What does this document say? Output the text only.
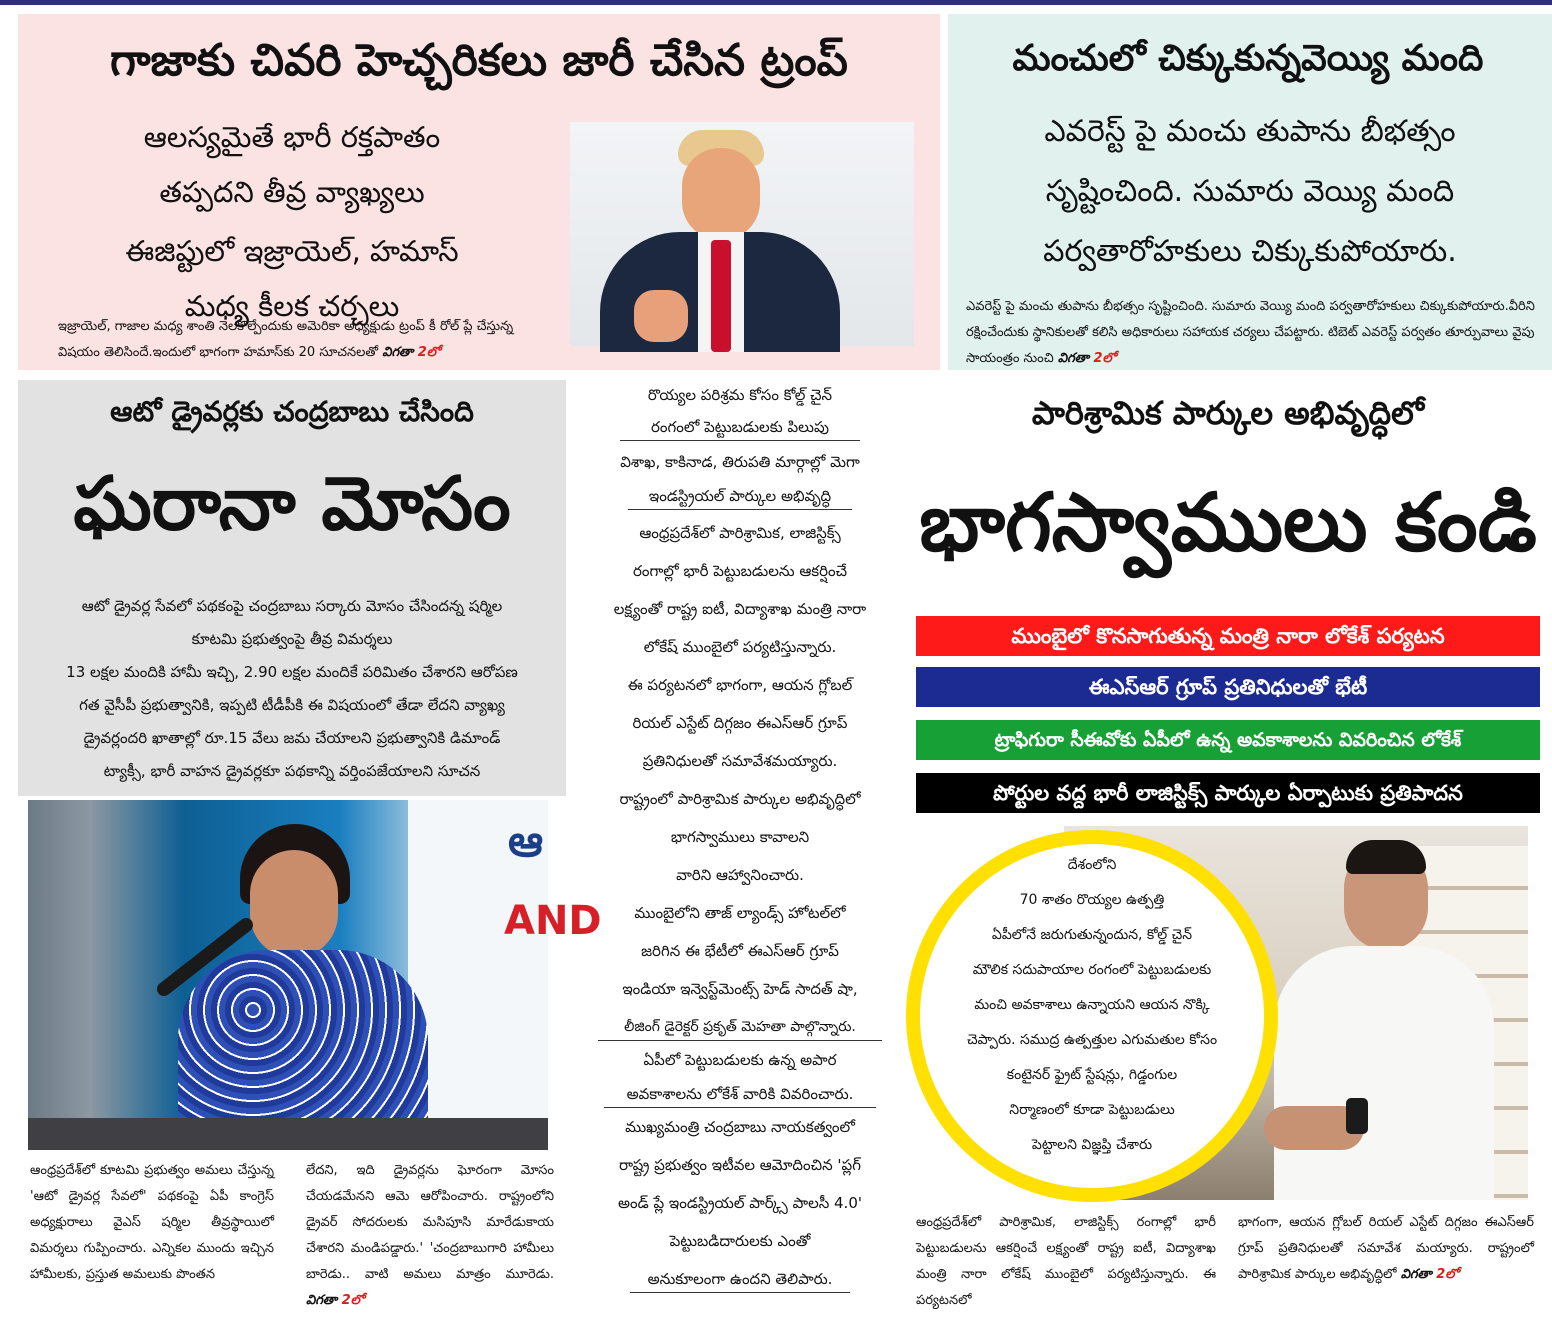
గాజాకు చివరి హెచ్చరికలు జారీ చేసిన ట్రంప్
ఆలస్యమైతే భారీ రక్తపాతం
తప్పదని తీవ్ర వ్యాఖ్యలు
ఈజిప్టులో ఇజ్రాయెల్, హమాస్
మధ్య కీలక చర్చలు
ఇజ్రాయెల్, గాజాల మధ్య శాంతి నెలకొల్పేందుకు అమెరికా అధ్యక్షుడు ట్రంప్ కీ రోల్ ప్లే చేస్తున్న విషయం తెలిసిందే.ఇందులో భాగంగా హమాస్‌కు 20 సూచనలతో విగతా 2లో
మంచులో చిక్కుకున్నవెయ్యి మంది
ఎవరెస్ట్ పై మంచు తుపాను బీభత్సం
సృష్టించింది. సుమారు వెయ్యి మంది
పర్వతారోహకులు చిక్కుకుపోయారు.
ఎవరెస్ట్ పై మంచు తుపాను బీభత్సం సృష్టించింది. సుమారు వెయ్యి మంది పర్వతారోహకులు చిక్కుకుపోయారు.వీరిని రక్షించేందుకు స్థానికులతో కలిసి అధికారులు సహాయక చర్యలు చేపట్టారు. టిబెట్ ఎవరెస్ట్ పర్వతం తూర్పువాలు వైపు సాయంత్రం నుంచి విగతా 2లో
ఆటో డ్రైవర్లకు చంద్రబాబు చేసింది
ఘరానా మోసం
ఆటో డ్రైవర్ల సేవలో పథకంపై చంద్రబాబు సర్కారు మోసం చేసిందన్న షర్మిల
కూటమి ప్రభుత్వంపై తీవ్ర విమర్శలు
13 లక్షల మందికి హామీ ఇచ్చి, 2.90 లక్షల మందికే పరిమితం చేశారని ఆరోపణ
గత వైసీపీ ప్రభుత్వానికి, ఇప్పటి టీడీపీకి ఈ విషయంలో తేడా లేదని వ్యాఖ్య
డ్రైవర్లందరి ఖాతాల్లో రూ.15 వేలు జమ చేయాలని ప్రభుత్వానికి డిమాండ్
ట్యాక్సీ, భారీ వాహన డ్రైవర్లకూ పథకాన్ని వర్తింపజేయాలని సూచన
ఆ
AND
ఆంధ్రప్రదేశ్‌లో కూటమి ప్రభుత్వం అమలు చేస్తున్న 'ఆటో డ్రైవర్ల సేవలో' పథకంపై ఏపీ కాంగ్రెస్ అధ్యక్షురాలు వైఎస్ షర్మిల తీవ్రస్థాయిలో విమర్శలు గుప్పించారు. ఎన్నికల ముందు ఇచ్చిన హామీలకు, ప్రస్తుత అమలుకు పొంతన
లేదని, ఇది డ్రైవర్లను ఘోరంగా మోసం చేయడమేనని ఆమె ఆరోపించారు. రాష్ట్రంలోని డ్రైవర్ సోదరులకు మసిపూసి మారేడుకాయ చేశారని మండిపడ్డారు.' 'చంద్రబాబుగారి హామీలు బారెడు.. వాటి అమలు మాత్రం మూరెడు. విగతా 2లో
రొయ్యల పరిశ్రమ కోసం కోల్డ్ చైన్
రంగంలో పెట్టుబడులకు పిలుపు
విశాఖ, కాకినాడ, తిరుపతి మార్గాల్లో మెగా
ఇండస్ట్రియల్ పార్కుల అభివృద్ధి
ఆంధ్రప్రదేశ్‌లో పారిశ్రామిక, లాజిస్టిక్స్
రంగాల్లో భారీ పెట్టుబడులను ఆకర్షించే
లక్ష్యంతో రాష్ట్ర ఐటీ, విద్యాశాఖ మంత్రి నారా
లోకేష్ ముంబైలో పర్యటిస్తున్నారు.
ఈ పర్యటనలో భాగంగా, ఆయన గ్లోబల్
రియల్ ఎస్టేట్ దిగ్గజం ఈఎస్ఆర్ గ్రూప్
ప్రతినిధులతో సమావేశమయ్యారు.
రాష్ట్రంలో పారిశ్రామిక పార్కుల అభివృద్ధిలో
భాగస్వాములు కావాలని
వారిని ఆహ్వానించారు.
ముంబైలోని తాజ్ ల్యాండ్స్ హోటల్‌లో
జరిగిన ఈ భేటీలో ఈఎస్ఆర్ గ్రూప్
ఇండియా ఇన్వెస్ట్‌మెంట్స్ హెడ్ సాదత్ షా,
లీజింగ్ డైరెక్టర్ ప్రకృత్ మెహతా పాల్గొన్నారు.
ఏపీలో పెట్టుబడులకు ఉన్న అపార
అవకాశాలను లోకేశ్ వారికి వివరించారు.
ముఖ్యమంత్రి చంద్రబాబు నాయకత్వంలో
రాష్ట్ర ప్రభుత్వం ఇటీవల ఆమోదించిన 'ప్లగ్
అండ్ ప్లే ఇండస్ట్రియల్ పార్క్స్ పాలసీ 4.0'
పెట్టుబడిదారులకు ఎంతో
అనుకూలంగా ఉందని తెలిపారు.
పారిశ్రామిక పార్కుల అభివృద్ధిలో
భాగస్వాములు కండి
ముంబైలో కొనసాగుతున్న మంత్రి నారా లోకేశ్ పర్యటన
ఈఎస్ఆర్ గ్రూప్ ప్రతినిధులతో భేటీ
ట్రాఫిగురా సీఈవోకు ఏపీలో ఉన్న అవకాశాలను వివరించిన లోకేశ్
పోర్టుల వద్ద భారీ లాజిస్టిక్స్ పార్కుల ఏర్పాటుకు ప్రతిపాదన
దేశంలోని
70 శాతం రొయ్యల ఉత్పత్తి
ఏపీలోనే జరుగుతున్నందున, కోల్డ్ చైన్
మౌలిక సదుపాయాల రంగంలో పెట్టుబడులకు
మంచి అవకాశాలు ఉన్నాయని ఆయన నొక్కి
చెప్పారు. సముద్ర ఉత్పత్తుల ఎగుమతుల కోసం
కంటైనర్ ఫ్రైట్ స్టేషన్లు, గిడ్డంగుల
నిర్మాణంలో కూడా పెట్టుబడులు
పెట్టాలని విజ్ఞప్తి చేశారు
ఆంధ్రప్రదేశ్‌లో పారిశ్రామిక, లాజిస్టిక్స్ రంగాల్లో భారీ పెట్టుబడులను ఆకర్షించే లక్ష్యంతో రాష్ట్ర ఐటీ, విద్యాశాఖ మంత్రి నారా లోకేష్ ముంబైలో పర్యటిస్తున్నారు. ఈ పర్యటనలో
భాగంగా, ఆయన గ్లోబల్ రియల్ ఎస్టేట్ దిగ్గజం ఈఎస్ఆర్ గ్రూప్ ప్రతినిధులతో సమావేశ మయ్యారు. రాష్ట్రంలో పారిశ్రామిక పార్కుల అభివృద్ధిలో విగతా 2లో
